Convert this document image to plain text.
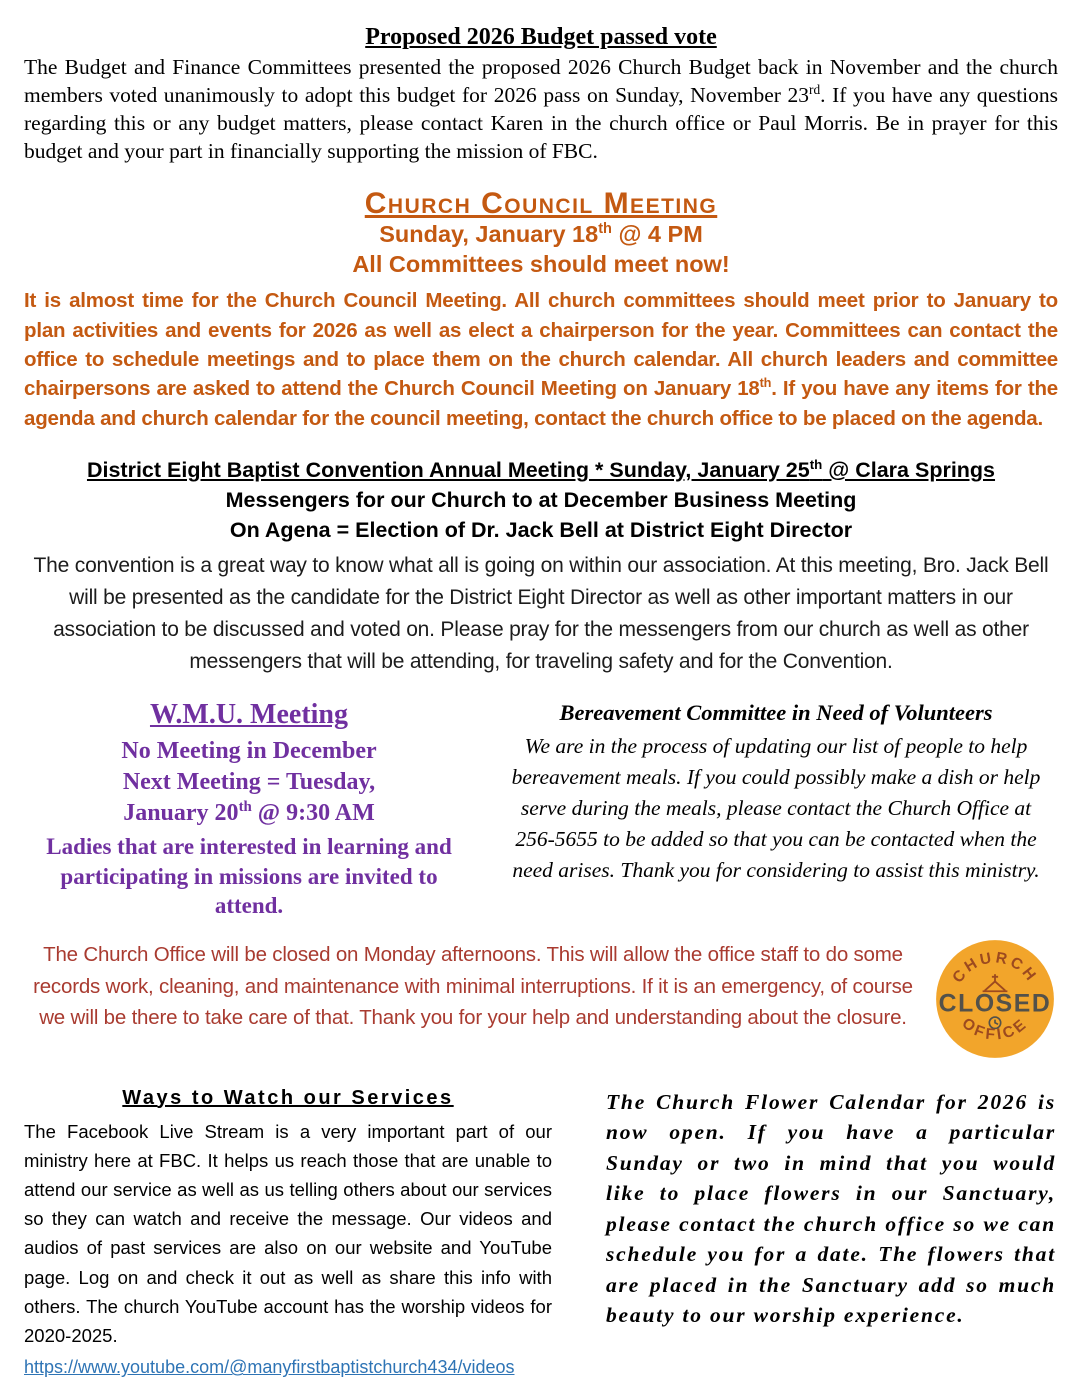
Proposed 2026 Budget passed vote

The Budget and Finance Committees presented the proposed 2026 Church Budget back in November and the church members voted unanimously to adopt this budget for 2026 pass on Sunday, November 23rd. If you have any questions regarding this or any budget matters, please contact Karen in the church office or Paul Morris. Be in prayer for this budget and your part in financially supporting the mission of FBC.

Church Council Meeting
Sunday, January 18th @ 4 PM
All Committees should meet now!

It is almost time for the Church Council Meeting. All church committees should meet prior to January to plan activities and events for 2026 as well as elect a chairperson for the year. Committees can contact the office to schedule meetings and to place them on the church calendar. All church leaders and committee chairpersons are asked to attend the Church Council Meeting on January 18th. If you have any items for the agenda and church calendar for the council meeting, contact the church office to be placed on the agenda.

District Eight Baptist Convention Annual Meeting * Sunday, January 25th @ Clara Springs
Messengers for our Church to at December Business Meeting
On Agena = Election of Dr. Jack Bell at District Eight Director

The convention is a great way to know what all is going on within our association. At this meeting, Bro. Jack Bell will be presented as the candidate for the District Eight Director as well as other important matters in our association to be discussed and voted on. Please pray for the messengers from our church as well as other messengers that will be attending, for traveling safety and for the Convention.

W.M.U. Meeting
No Meeting in December
Next Meeting = Tuesday,
January 20th @ 9:30 AM
Ladies that are interested in learning and participating in missions are invited to attend.
Bereavement Committee in Need of Volunteers

We are in the process of updating our list of people to help bereavement meals. If you could possibly make a dish or help serve during the meals, please contact the Church Office at 256-5655 to be added so that you can be contacted when the need arises. Thank you for considering to assist this ministry.

The Church Office will be closed on Monday afternoons. This will allow the office staff to do some records work, cleaning, and maintenance with minimal interruptions. If it is an emergency, of course we will be there to take care of that. Thank you for your help and understanding about the closure.

CHURCH
CLOSED
OFFICE
Ways to Watch our Services

The Facebook Live Stream is a very important part of our ministry here at FBC. It helps us reach those that are unable to attend our service as well as us telling others about our services so they can watch and receive the message. Our videos and audios of past services are also on our website and YouTube page. Log on and check it out as well as share this info with others. The church YouTube account has the worship videos for 2020-2025.

https://www.youtube.com/@manyfirstbaptistchurch434/videos

The Church Flower Calendar for 2026 is now open. If you have a particular Sunday or two in mind that you would like to place flowers in our Sanctuary, please contact the church office so we can schedule you for a date. The flowers that are placed in the Sanctuary add so much beauty to our worship experience.
